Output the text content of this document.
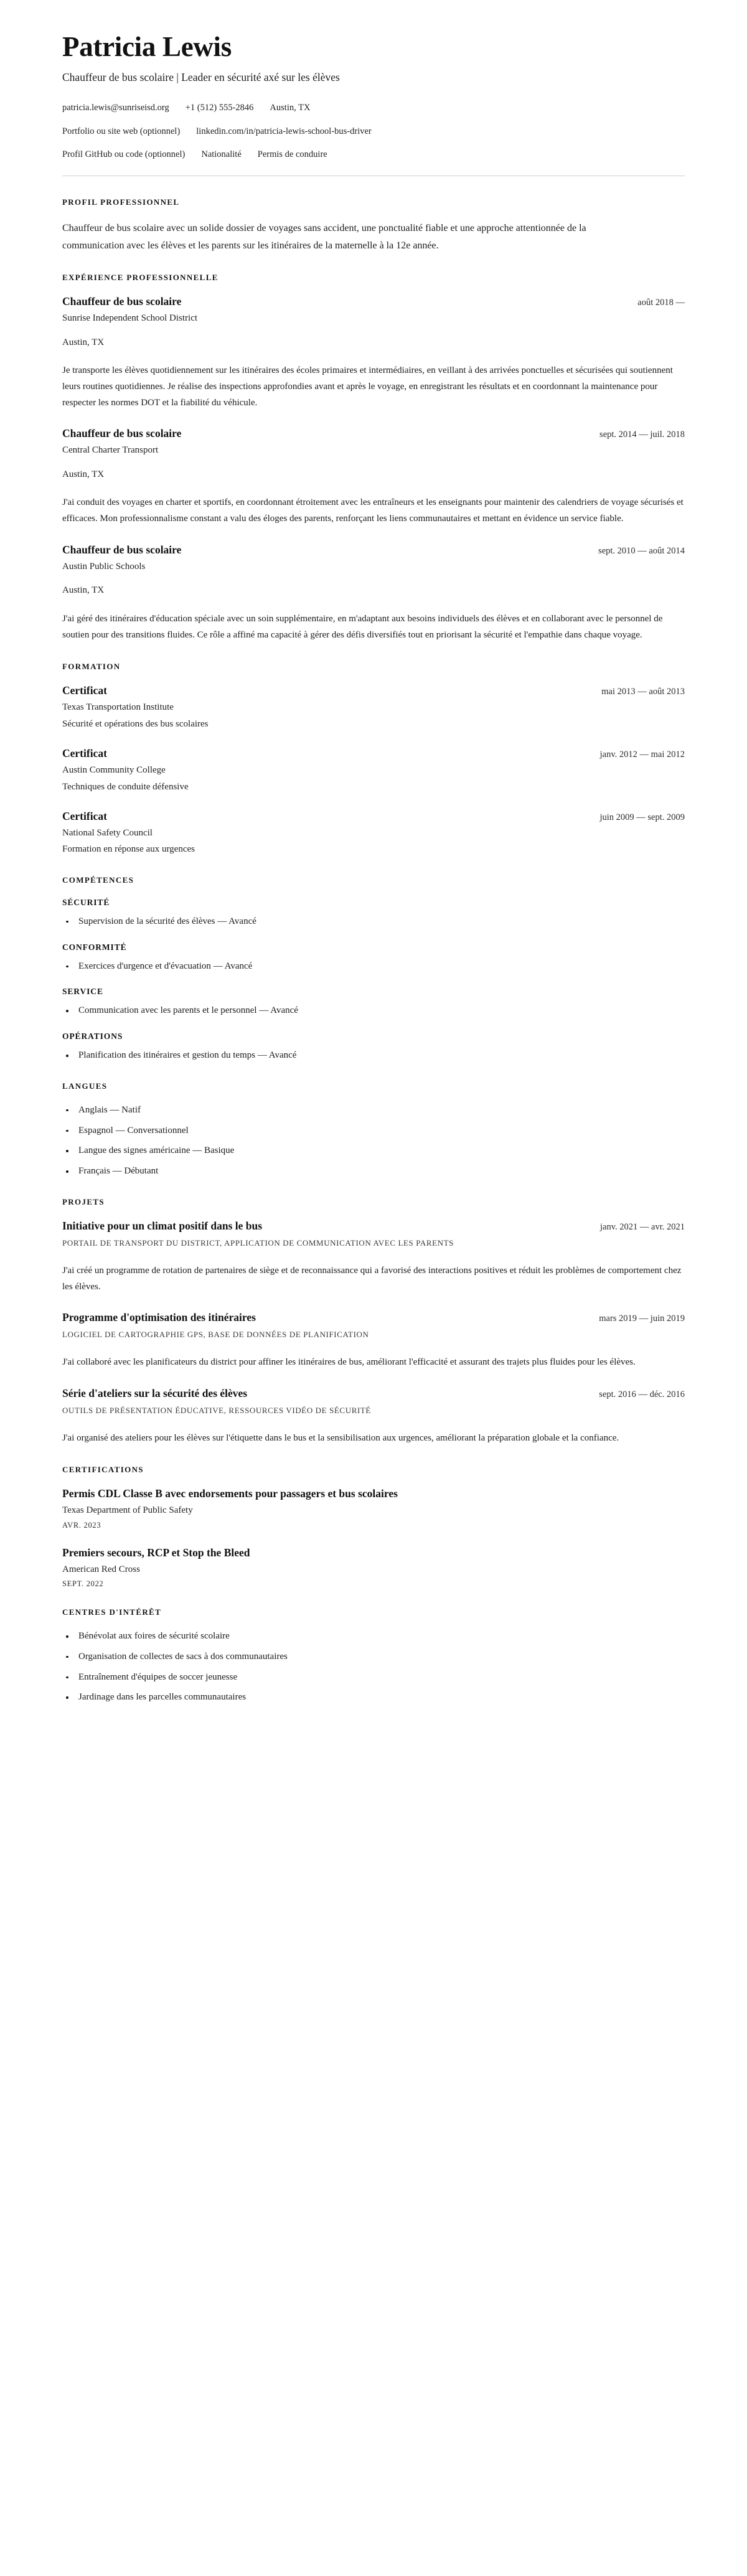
Patricia Lewis

Chauffeur de bus scolaire | Leader en sécurité axé sur les élèves

patricia.lewis@sunriseisd.org +1 (512) 555-2846 Austin, TX
Portfolio ou site web (optionnel) linkedin.com/in/patricia-lewis-school-bus-driver
Profil GitHub ou code (optionnel) Nationalité Permis de conduire
PROFIL PROFESSIONNEL

Chauffeur de bus scolaire avec un solide dossier de voyages sans accident, une ponctualité fiable et une approche attentionnée de la communication avec les élèves et les parents sur les itinéraires de la maternelle à la 12e année.

EXPÉRIENCE PROFESSIONNELLE
Chauffeur de bus scolaire	août 2018 —

Sunrise Independent School District

Austin, TX

Je transporte les élèves quotidiennement sur les itinéraires des écoles primaires et intermédiaires, en veillant à des arrivées ponctuelles et sécurisées qui soutiennent leurs routines quotidiennes. Je réalise des inspections approfondies avant et après le voyage, en enregistrant les résultats et en coordonnant la maintenance pour respecter les normes DOT et la fiabilité du véhicule.

Chauffeur de bus scolaire	sept. 2014 — juil. 2018

Central Charter Transport

Austin, TX

J'ai conduit des voyages en charter et sportifs, en coordonnant étroitement avec les entraîneurs et les enseignants pour maintenir des calendriers de voyage sécurisés et efficaces. Mon professionnalisme constant a valu des éloges des parents, renforçant les liens communautaires et mettant en évidence un service fiable.

Chauffeur de bus scolaire	sept. 2010 — août 2014

Austin Public Schools

Austin, TX

J'ai géré des itinéraires d'éducation spéciale avec un soin supplémentaire, en m'adaptant aux besoins individuels des élèves et en collaborant avec le personnel de soutien pour des transitions fluides. Ce rôle a affiné ma capacité à gérer des défis diversifiés tout en priorisant la sécurité et l'empathie dans chaque voyage.

FORMATION
Certificat	mai 2013 — août 2013

Texas Transportation Institute

Sécurité et opérations des bus scolaires

Certificat	janv. 2012 — mai 2012

Austin Community College

Techniques de conduite défensive

Certificat	juin 2009 — sept. 2009

National Safety Council

Formation en réponse aux urgences

COMPÉTENCES
SÉCURITÉ
Supervision de la sécurité des élèves — Avancé
CONFORMITÉ
Exercices d'urgence et d'évacuation — Avancé
SERVICE
Communication avec les parents et le personnel — Avancé
OPÉRATIONS
Planification des itinéraires et gestion du temps — Avancé
LANGUES
Anglais — Natif
Espagnol — Conversationnel
Langue des signes américaine — Basique
Français — Débutant
PROJETS
Initiative pour un climat positif dans le bus	janv. 2021 — avr. 2021

PORTAIL DE TRANSPORT DU DISTRICT, APPLICATION DE COMMUNICATION AVEC LES PARENTS

J'ai créé un programme de rotation de partenaires de siège et de reconnaissance qui a favorisé des interactions positives et réduit les problèmes de comportement chez les élèves.

Programme d'optimisation des itinéraires	mars 2019 — juin 2019

LOGICIEL DE CARTOGRAPHIE GPS, BASE DE DONNÉES DE PLANIFICATION

J'ai collaboré avec les planificateurs du district pour affiner les itinéraires de bus, améliorant l'efficacité et assurant des trajets plus fluides pour les élèves.

Série d'ateliers sur la sécurité des élèves	sept. 2016 — déc. 2016

OUTILS DE PRÉSENTATION ÉDUCATIVE, RESSOURCES VIDÉO DE SÉCURITÉ

J'ai organisé des ateliers pour les élèves sur l'étiquette dans le bus et la sensibilisation aux urgences, améliorant la préparation globale et la confiance.

CERTIFICATIONS
Permis CDL Classe B avec endorsements pour passagers et bus scolaires

Texas Department of Public Safety

AVR. 2023

Premiers secours, RCP et Stop the Bleed

American Red Cross

SEPT. 2022

CENTRES D'INTÉRÊT
Bénévolat aux foires de sécurité scolaire
Organisation de collectes de sacs à dos communautaires
Entraînement d'équipes de soccer jeunesse
Jardinage dans les parcelles communautaires
